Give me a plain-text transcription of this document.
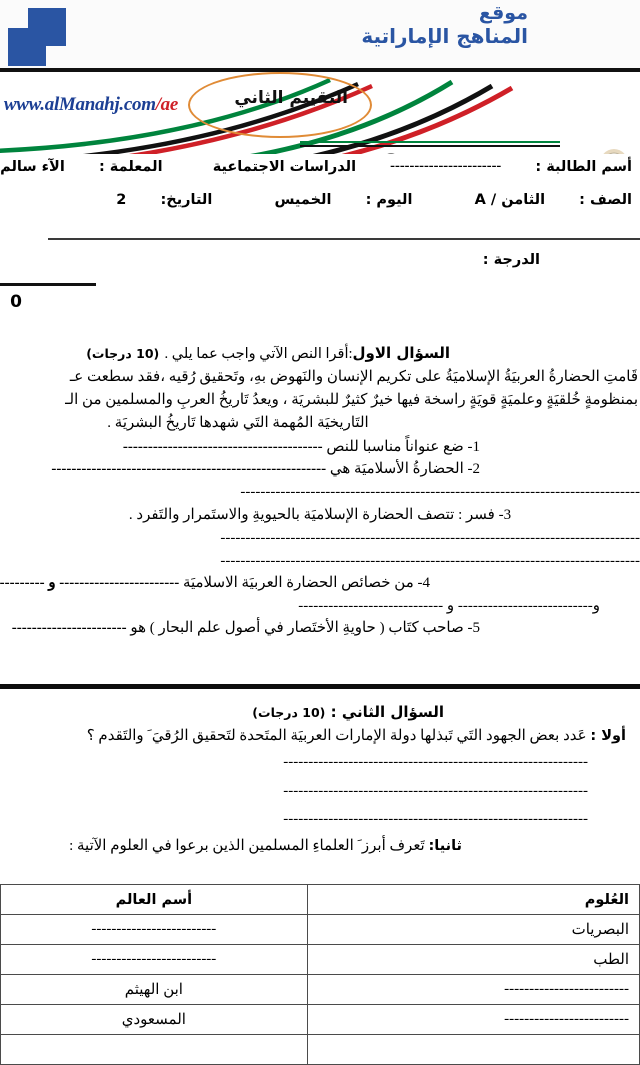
موقع
المناهج الإماراتية
www.alManahj.com/ae	التقييم الثاني
أسم الطالبة :  -----------------------  الدراسات الاجتماعية  المعلمة :  الآء سالم
الصف :  الثامن / A  اليوم :  الخميس  التاريخ:  2
الدرجة :
0
السؤال الاول:أقرا النص الآتي واجب عما يلي . (10 درجات)
قَامتِ الحضارةُ العربيَةُ الإسلاميَةُ على تكريم الإنسان والنَهوض بهِ، وتَحقيق رُقيه ،فقد سطعت عـ
بمنظومةٍ خُلقيَةٍ وعلميَةٍ قويَةٍ راسخة فيها خيرٌ كثيرٌ للبشريَة ، ويعدُ تَاريخُ العربِ والمسلمين من الـ
التَاريخيَة المُهمة التَي شهدها تَاريخُ البشريَة .
1- ضع عنواناً مناسبا للنص ----------------------------------------
2- الحضارةُ الأسلاميَة هي -------------------------------------------------------
--------------------------------------------------------------------------------
3- فسر : تتصف الحضارة الإسلاميَة بالحيويةِ والاستَمرار والتَفرد .
------------------------------------------------------------------------------------
------------------------------------------------------------------------------------
4- من خصائص الحضارة العربيَة الاسلاميَة ------------------------ و ---------
و--------------------------- و -----------------------------
5- صاحب كتَاب ( حاويةِ الأختَصار في أصول علم البحار ) هو -----------------------
السؤال الثاني : (10 درجات)
أولا : عَدد بعض الجهود التَي تَبذلها دولة الإمارات العربيَة المتَحدة لتَحقيق الرُقيَ َ والتَقدم ؟
-------------------------------------------------------------
-------------------------------------------------------------
-------------------------------------------------------------
ثانيا: تَعرف أبرز َ العلماءِ المسلمين الذين برعوا في العلوم الآتية :
العُلوم	أسم العالم
البصريات	-------------------------
الطب	-------------------------
-------------------------	ابن الهيثم
-------------------------	المسعودي
